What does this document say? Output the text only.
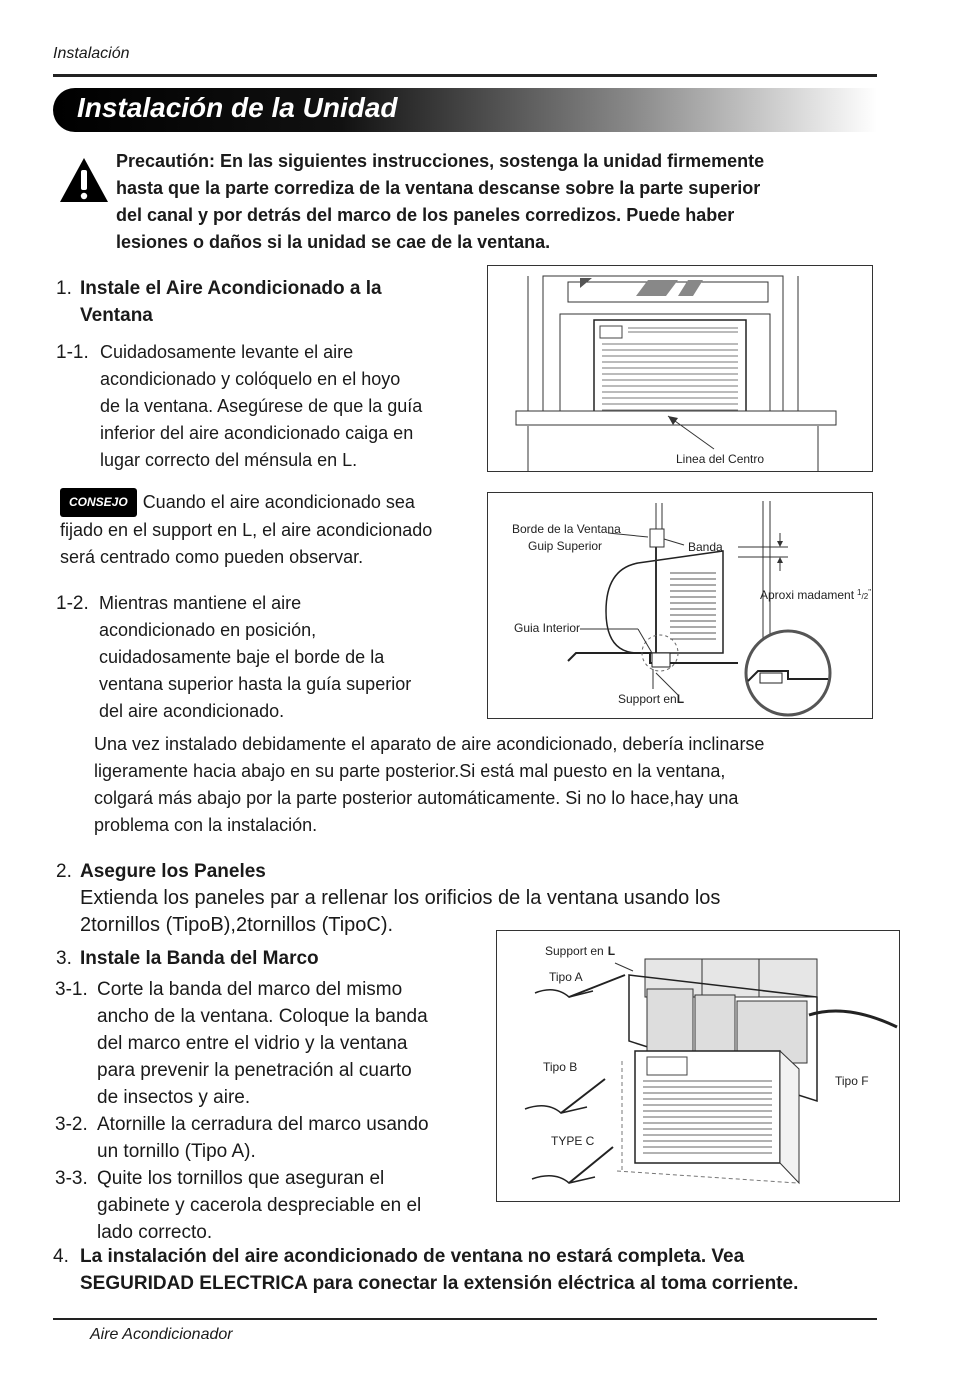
Instalación
Instalación de la Unidad
Precautión: En las siguientes instrucciones, sostenga la unidad firmemente
hasta que la parte corrediza de la ventana descanse sobre la parte superior
del canal y por detrás del marco de los paneles corredizos. Puede haber
lesiones o daños si la unidad se cae de la ventana.
1. Instale el Aire Acondicionado a la
Ventana
1-1. Cuidadosamente levante el aire
acondicionado y colóquelo en el hoyo
de la ventana. Asegúrese de que la guía
inferior del aire acondicionado caiga en
lugar correcto del ménsula en L.
CONSEJO Cuando el aire acondicionado sea
fijado en el support en L, el aire acondicionado
será centrado como pueden observar.
1-2. Mientras mantiene el aire
acondicionado en posición,
cuidadosamente baje el borde de la
ventana superior hasta la guía superior
del aire acondicionado.
Una vez instalado debidamente el aparato de aire acondicionado, debería inclinarse
ligeramente hacia abajo en su parte posterior.Si está mal puesto en la ventana,
colgará más abajo por la parte posterior automáticamente. Si no lo hace,hay una
problema con la instalación.
Linea del Centro
Borde de la Ventana
Guip Superior	Banda
Aproxi madament $^1_/$2"
Guia Interior
Support enL
2. Asegure los Paneles
Extienda los paneles par a rellenar los orificios de la ventana usando los
2tornillos (TipoB),2tornillos (TipoC).
3. Instale la Banda del Marco
3-1. Corte la banda del marco del mismo
ancho de la ventana. Coloque la banda
del marco entre el vidrio y la ventana
para prevenir la penetración al cuarto
de insectos y aire.
3-2. Atornille la cerradura del marco usando
un tornillo (Tipo A).
3-3. Quite los tornillos que aseguran el
gabinete y cacerola despreciable en el
lado correcto.
Support en L
Tipo A
Tipo B
TYPE C
Tipo F
4. La instalación del aire acondicionado de ventana no estará completa. Vea
SEGURIDAD ELECTRICA para conectar la extensión eléctrica al toma corriente.
Aire Acondicionador
